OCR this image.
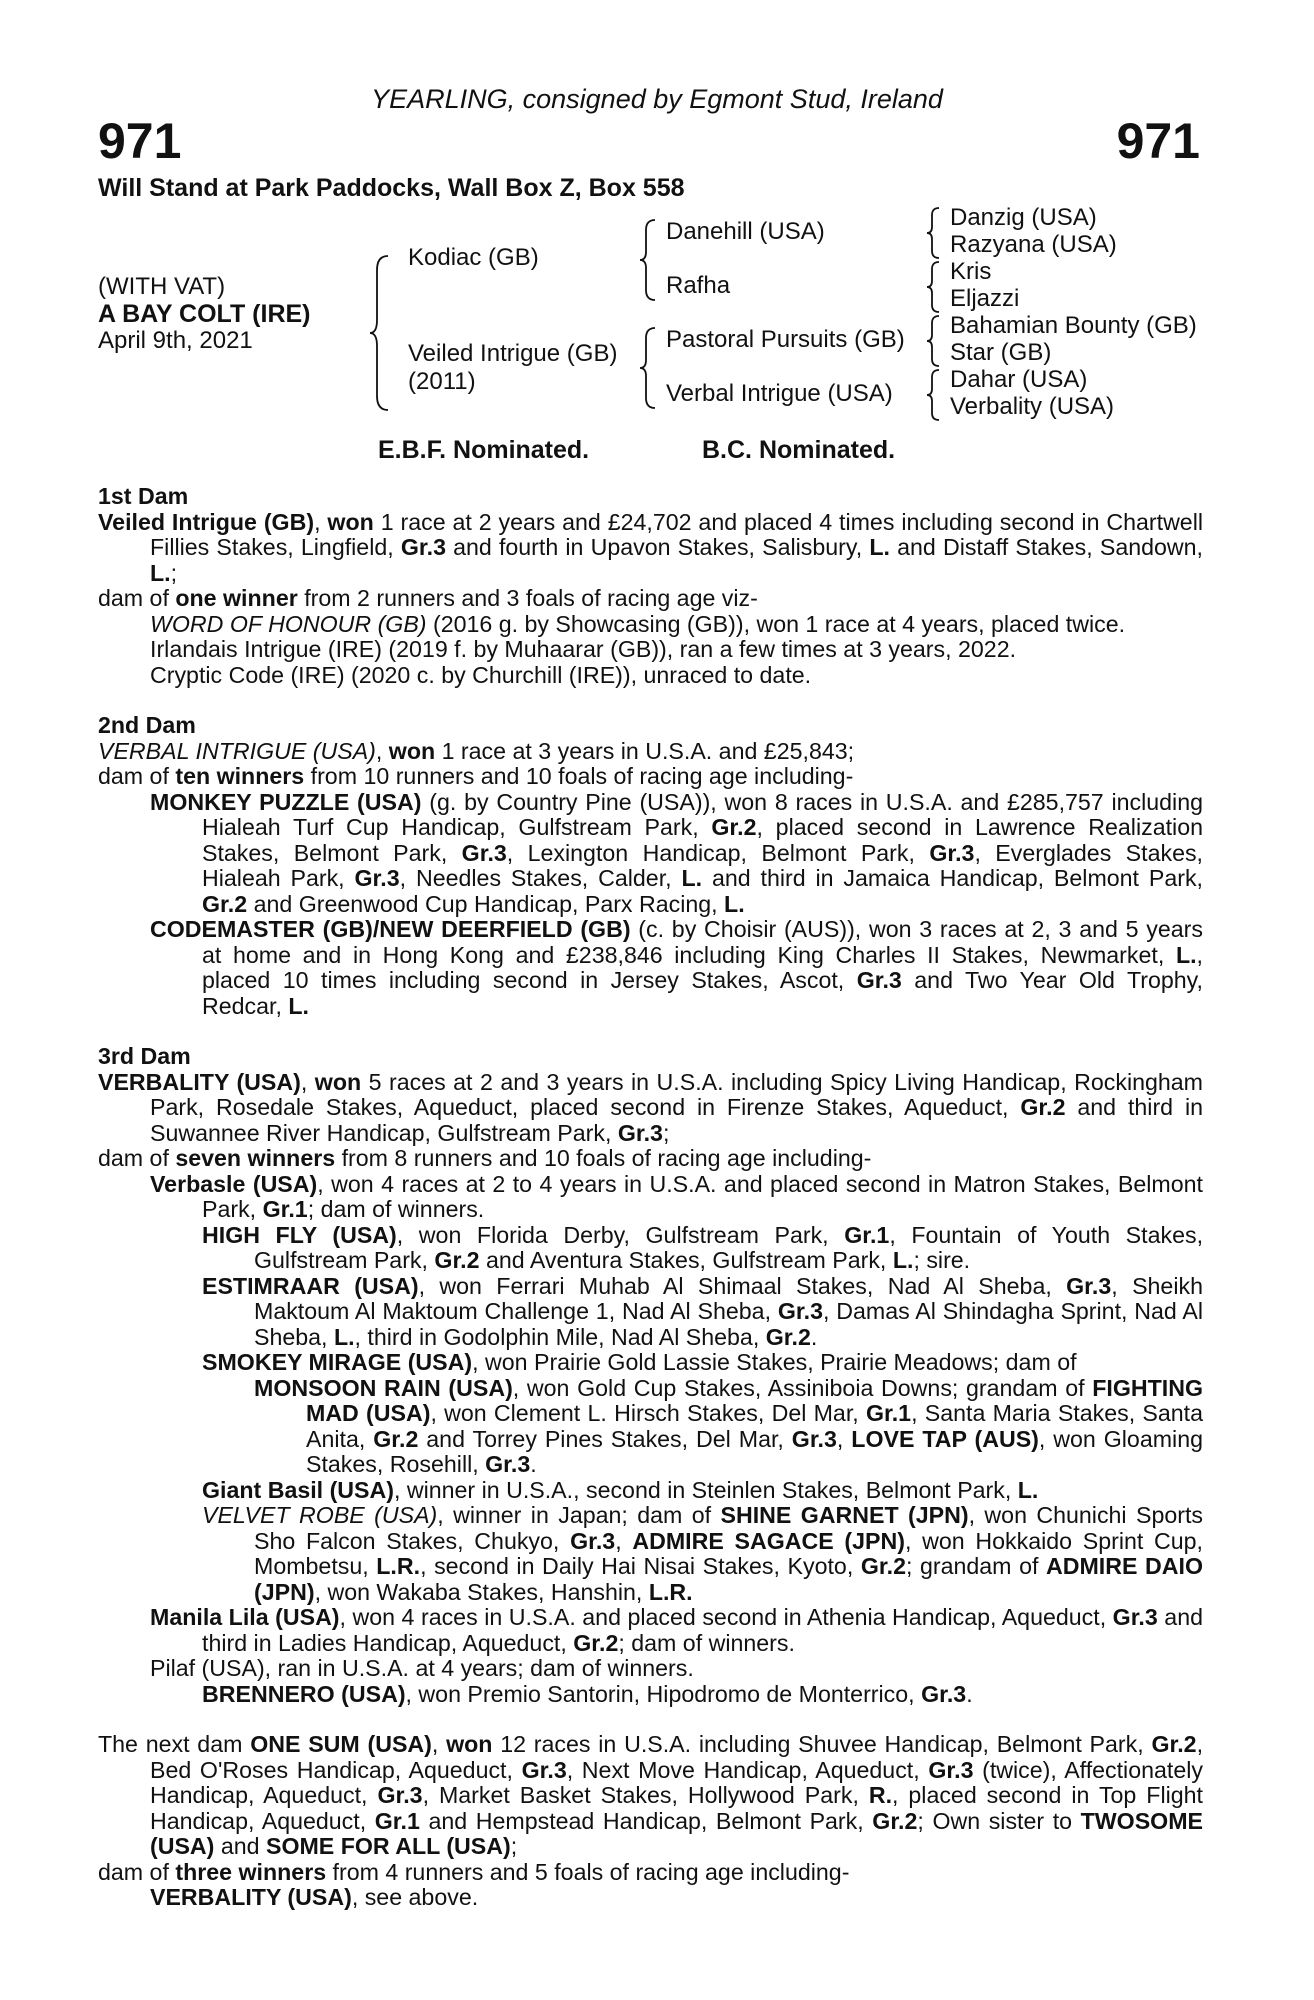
YEARLING, consigned by Egmont Stud, Ireland
971	971
Will Stand at Park Paddocks, Wall Box Z, Box 558
(WITH VAT)
A BAY COLT (IRE)
April 9th, 2021
Kodiac (GB)
Veiled Intrigue (GB)
(2011)
Danehill (USA)
Rafha
Pastoral Pursuits (GB)
Verbal Intrigue (USA)
Danzig (USA)
Razyana (USA)
Kris
Eljazzi
Bahamian Bounty (GB)
Star (GB)
Dahar (USA)
Verbality (USA)
E.B.F. Nominated.	B.C. Nominated.

1st Dam

Veiled Intrigue (GB), won 1 race at 2 years and £24,702 and placed 4 times including second in Chartwell Fillies Stakes, Lingfield, Gr.3 and fourth in Upavon Stakes, Salisbury, L. and Distaff Stakes, Sandown, L.;

dam of one winner from 2 runners and 3 foals of racing age viz-

WORD OF HONOUR (GB) (2016 g. by Showcasing (GB)), won 1 race at 4 years, placed twice.

Irlandais Intrigue (IRE) (2019 f. by Muhaarar (GB)), ran a few times at 3 years, 2022.

Cryptic Code (IRE) (2020 c. by Churchill (IRE)), unraced to date.

2nd Dam

VERBAL INTRIGUE (USA), won 1 race at 3 years in U.S.A. and £25,843;

dam of ten winners from 10 runners and 10 foals of racing age including-

MONKEY PUZZLE (USA) (g. by Country Pine (USA)), won 8 races in U.S.A. and £285,757 including Hialeah Turf Cup Handicap, Gulfstream Park, Gr.2, placed second in Lawrence Realization Stakes, Belmont Park, Gr.3, Lexington Handicap, Belmont Park, Gr.3, Everglades Stakes, Hialeah Park, Gr.3, Needles Stakes, Calder, L. and third in Jamaica Handicap, Belmont Park, Gr.2 and Greenwood Cup Handicap, Parx Racing, L.

CODEMASTER (GB)/NEW DEERFIELD (GB) (c. by Choisir (AUS)), won 3 races at 2, 3 and 5 years at home and in Hong Kong and £238,846 including King Charles II Stakes, Newmarket, L., placed 10 times including second in Jersey Stakes, Ascot, Gr.3 and Two Year Old Trophy, Redcar, L.

3rd Dam

VERBALITY (USA), won 5 races at 2 and 3 years in U.S.A. including Spicy Living Handicap, Rockingham Park, Rosedale Stakes, Aqueduct, placed second in Firenze Stakes, Aqueduct, Gr.2 and third in Suwannee River Handicap, Gulfstream Park, Gr.3;

dam of seven winners from 8 runners and 10 foals of racing age including-

Verbasle (USA), won 4 races at 2 to 4 years in U.S.A. and placed second in Matron Stakes, Belmont Park, Gr.1; dam of winners.

HIGH FLY (USA), won Florida Derby, Gulfstream Park, Gr.1, Fountain of Youth Stakes, Gulfstream Park, Gr.2 and Aventura Stakes, Gulfstream Park, L.; sire.

ESTIMRAAR (USA), won Ferrari Muhab Al Shimaal Stakes, Nad Al Sheba, Gr.3, Sheikh Maktoum Al Maktoum Challenge 1, Nad Al Sheba, Gr.3, Damas Al Shindagha Sprint, Nad Al Sheba, L., third in Godolphin Mile, Nad Al Sheba, Gr.2.

SMOKEY MIRAGE (USA), won Prairie Gold Lassie Stakes, Prairie Meadows; dam of

MONSOON RAIN (USA), won Gold Cup Stakes, Assiniboia Downs; grandam of FIGHTING MAD (USA), won Clement L. Hirsch Stakes, Del Mar, Gr.1, Santa Maria Stakes, Santa Anita, Gr.2 and Torrey Pines Stakes, Del Mar, Gr.3, LOVE TAP (AUS), won Gloaming Stakes, Rosehill, Gr.3.

Giant Basil (USA), winner in U.S.A., second in Steinlen Stakes, Belmont Park, L.

VELVET ROBE (USA), winner in Japan; dam of SHINE GARNET (JPN), won Chunichi Sports Sho Falcon Stakes, Chukyo, Gr.3, ADMIRE SAGACE (JPN), won Hokkaido Sprint Cup, Mombetsu, L.R., second in Daily Hai Nisai Stakes, Kyoto, Gr.2; grandam of ADMIRE DAIO (JPN), won Wakaba Stakes, Hanshin, L.R.

Manila Lila (USA), won 4 races in U.S.A. and placed second in Athenia Handicap, Aqueduct, Gr.3 and third in Ladies Handicap, Aqueduct, Gr.2; dam of winners.

Pilaf (USA), ran in U.S.A. at 4 years; dam of winners.

BRENNERO (USA), won Premio Santorin, Hipodromo de Monterrico, Gr.3.

The next dam ONE SUM (USA), won 12 races in U.S.A. including Shuvee Handicap, Belmont Park, Gr.2, Bed O'Roses Handicap, Aqueduct, Gr.3, Next Move Handicap, Aqueduct, Gr.3 (twice), Affectionately Handicap, Aqueduct, Gr.3, Market Basket Stakes, Hollywood Park, R., placed second in Top Flight Handicap, Aqueduct, Gr.1 and Hempstead Handicap, Belmont Park, Gr.2; Own sister to TWOSOME (USA) and SOME FOR ALL (USA);

dam of three winners from 4 runners and 5 foals of racing age including-

VERBALITY (USA), see above.
